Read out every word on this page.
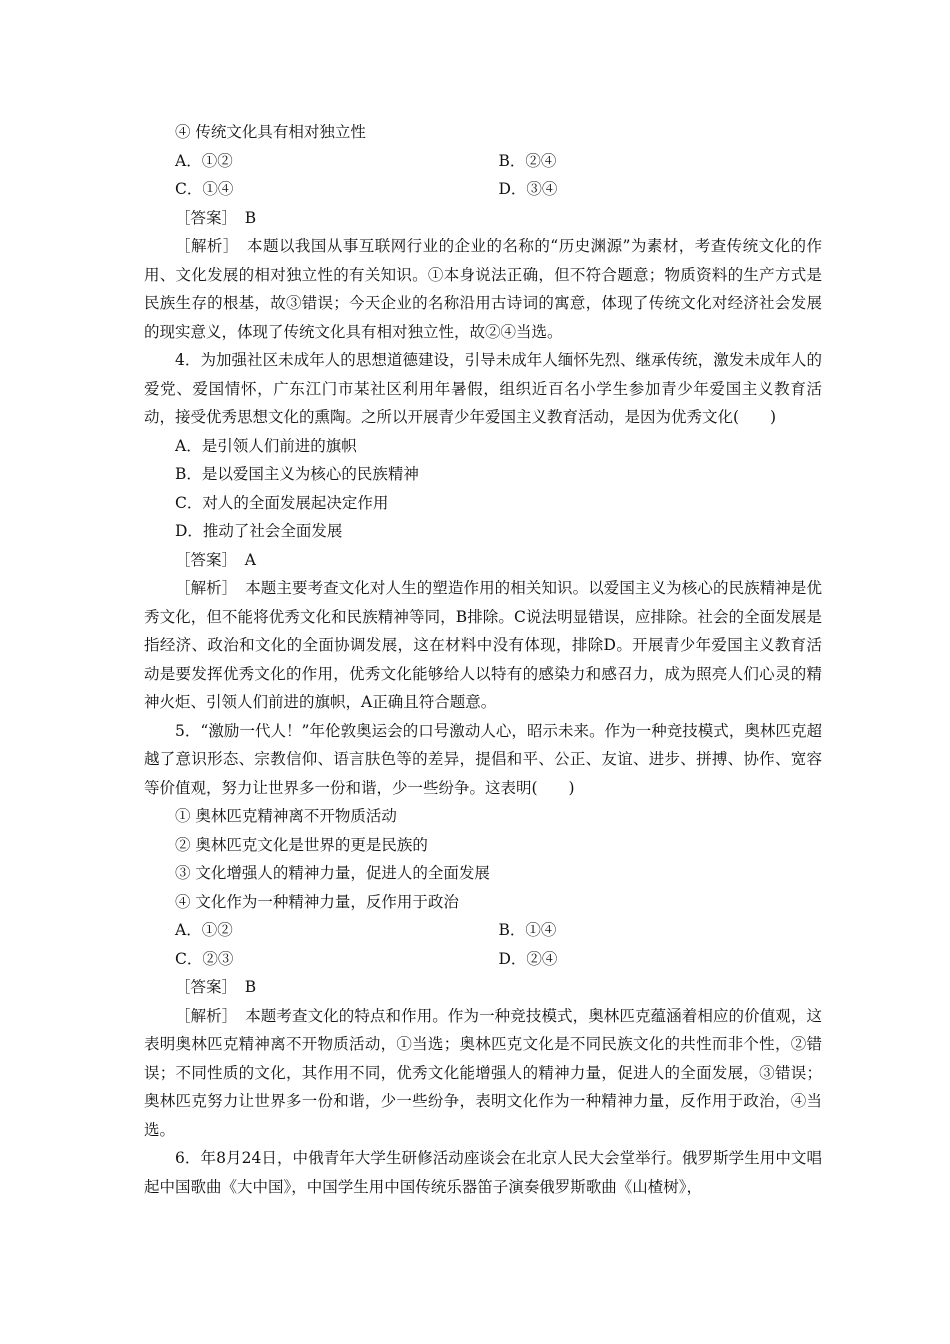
④ 传统文化具有相对独立性
A．①②	B．②④
C．①④	D．③④
［答案］　B
［解析］　本题以我国从事互联网行业的企业的名称的“历史渊源”为素材，考查传统文化的作用、文化发展的相对独立性的有关知识。①本身说法正确，但不符合题意；物质资料的生产方式是民族生存的根基，故③错误；今天企业的名称沿用古诗词的寓意，体现了传统文化对经济社会发展的现实意义，体现了传统文化具有相对独立性，故②④当选。
4．为加强社区未成年人的思想道德建设，引导未成年人缅怀先烈、继承传统，激发未成年人的爱党、爱国情怀，广东江门市某社区利用年暑假，组织近百名小学生参加青少年爱国主义教育活动，接受优秀思想文化的熏陶。之所以开展青少年爱国主义教育活动，是因为优秀文化(　　)
A．是引领人们前进的旗帜
B．是以爱国主义为核心的民族精神
C．对人的全面发展起决定作用
D．推动了社会全面发展
［答案］　A
［解析］　本题主要考查文化对人生的塑造作用的相关知识。以爱国主义为核心的民族精神是优秀文化，但不能将优秀文化和民族精神等同，B排除。C说法明显错误，应排除。社会的全面发展是指经济、政治和文化的全面协调发展，这在材料中没有体现，排除D。开展青少年爱国主义教育活动是要发挥优秀文化的作用，优秀文化能够给人以特有的感染力和感召力，成为照亮人们心灵的精神火炬、引领人们前进的旗帜，A正确且符合题意。
5．“激励一代人！”年伦敦奥运会的口号激动人心，昭示未来。作为一种竞技模式，奥林匹克超越了意识形态、宗教信仰、语言肤色等的差异，提倡和平、公正、友谊、进步、拼搏、协作、宽容等价值观，努力让世界多一份和谐，少一些纷争。这表明(　　)
① 奥林匹克精神离不开物质活动
② 奥林匹克文化是世界的更是民族的
③ 文化增强人的精神力量，促进人的全面发展
④ 文化作为一种精神力量，反作用于政治
A．①②	B．①④
C．②③	D．②④
［答案］　B
［解析］　本题考查文化的特点和作用。作为一种竞技模式，奥林匹克蕴涵着相应的价值观，这表明奥林匹克精神离不开物质活动，①当选；奥林匹克文化是不同民族文化的共性而非个性，②错误；不同性质的文化，其作用不同，优秀文化能增强人的精神力量，促进人的全面发展，③错误；奥林匹克努力让世界多一份和谐，少一些纷争，表明文化作为一种精神力量，反作用于政治，④当选。
6．年8月24日，中俄青年大学生研修活动座谈会在北京人民大会堂举行。俄罗斯学生用中文唱起中国歌曲《大中国》，中国学生用中国传统乐器笛子演奏俄罗斯歌曲《山楂树》，
